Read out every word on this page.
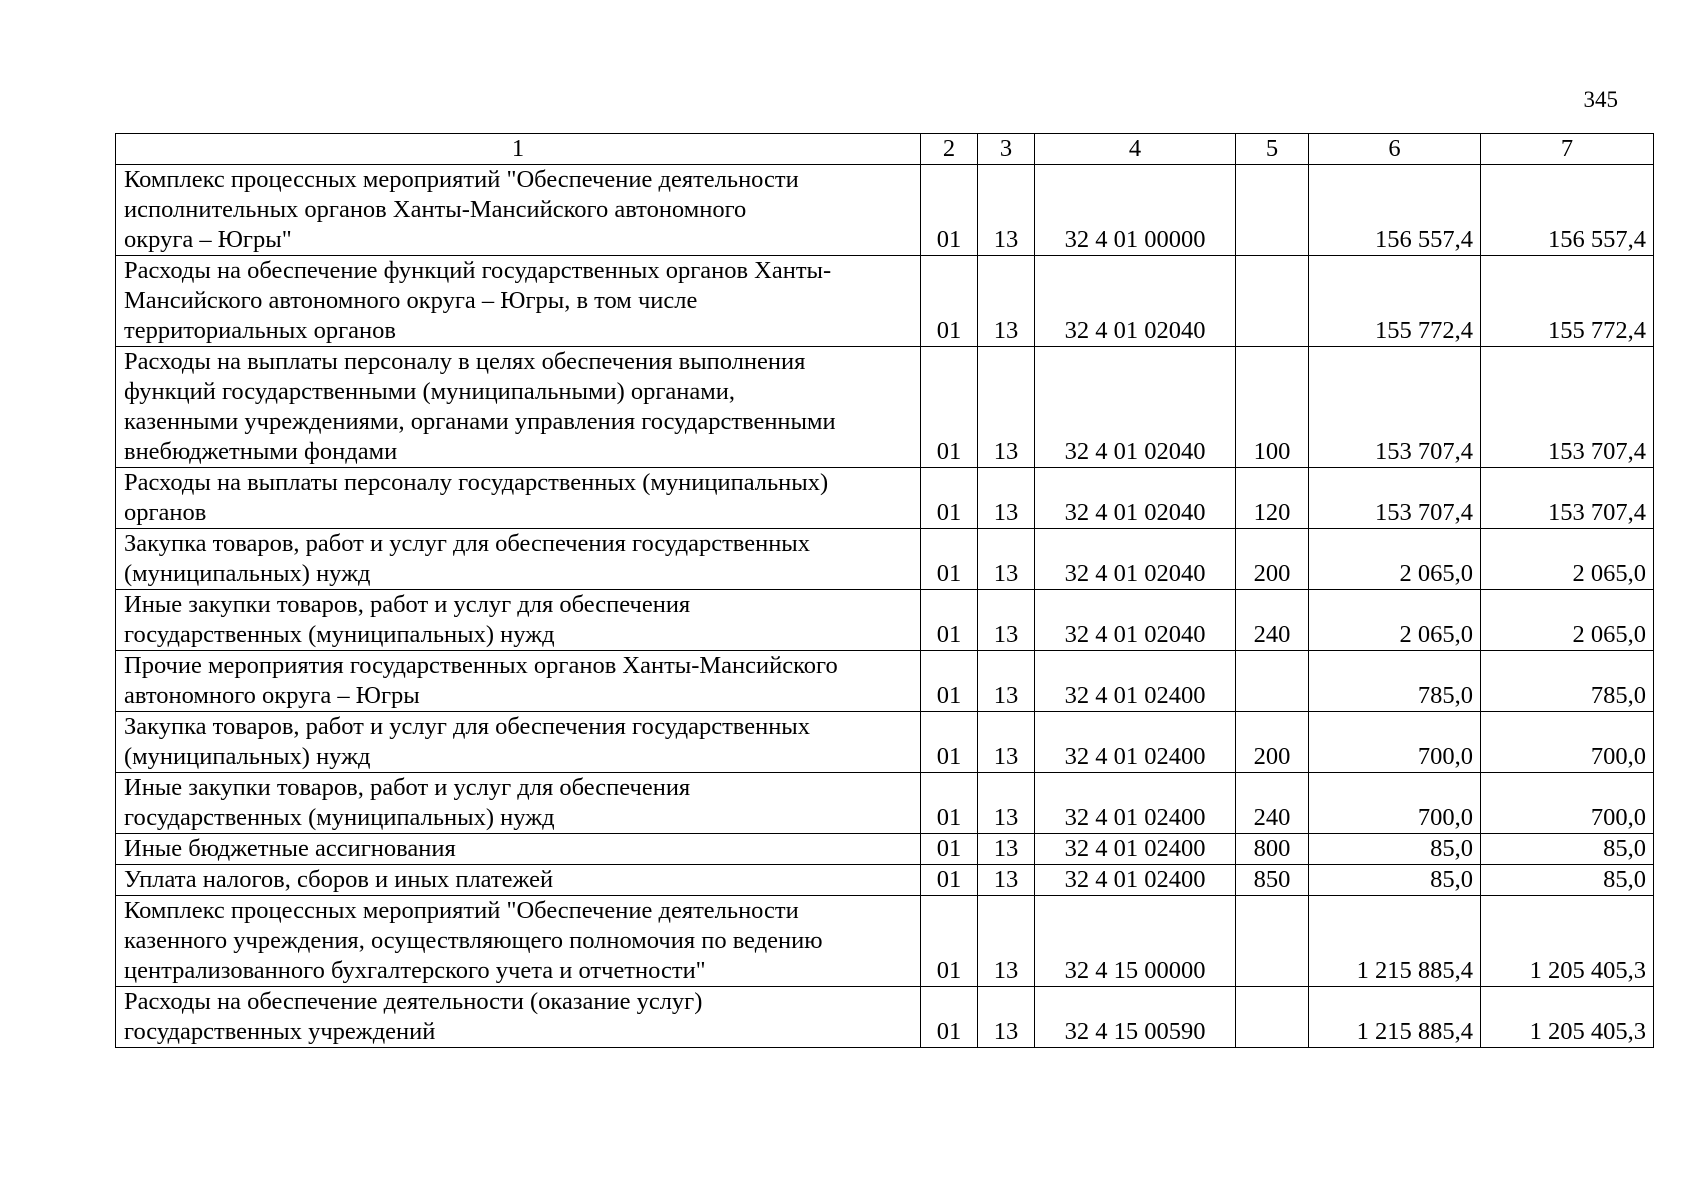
345
1	2	3	4	5	6	7

Комплекс процессных мероприятий "Обеспечение деятельности
исполнительных органов Ханты-Мансийского автономного
округа – Югры"	01	13	32 4 01 00000		156 557,4	156 557,4

Расходы на обеспечение функций государственных органов Ханты-
Мансийского автономного округа – Югры, в том числе
территориальных органов	01	13	32 4 01 02040		155 772,4	155 772,4

Расходы на выплаты персоналу в целях обеспечения выполнения
функций государственными (муниципальными) органами,
казенными учреждениями, органами управления государственными
внебюджетными фондами	01	13	32 4 01 02040	100	153 707,4	153 707,4

Расходы на выплаты персоналу государственных (муниципальных)
органов	01	13	32 4 01 02040	120	153 707,4	153 707,4

Закупка товаров, работ и услуг для обеспечения государственных
(муниципальных) нужд	01	13	32 4 01 02040	200	2 065,0	2 065,0

Иные закупки товаров, работ и услуг для обеспечения
государственных (муниципальных) нужд	01	13	32 4 01 02040	240	2 065,0	2 065,0

Прочие мероприятия государственных органов Ханты-Мансийского
автономного округа – Югры	01	13	32 4 01 02400		785,0	785,0

Закупка товаров, работ и услуг для обеспечения государственных
(муниципальных) нужд	01	13	32 4 01 02400	200	700,0	700,0

Иные закупки товаров, работ и услуг для обеспечения
государственных (муниципальных) нужд	01	13	32 4 01 02400	240	700,0	700,0

Иные бюджетные ассигнования	01	13	32 4 01 02400	800	85,0	85,0

Уплата налогов, сборов и иных платежей	01	13	32 4 01 02400	850	85,0	85,0

Комплекс процессных мероприятий "Обеспечение деятельности
казенного учреждения, осуществляющего полномочия по ведению
централизованного бухгалтерского учета и отчетности"	01	13	32 4 15 00000		1 215 885,4	1 205 405,3

Расходы на обеспечение деятельности (оказание услуг)
государственных учреждений	01	13	32 4 15 00590		1 215 885,4	1 205 405,3
